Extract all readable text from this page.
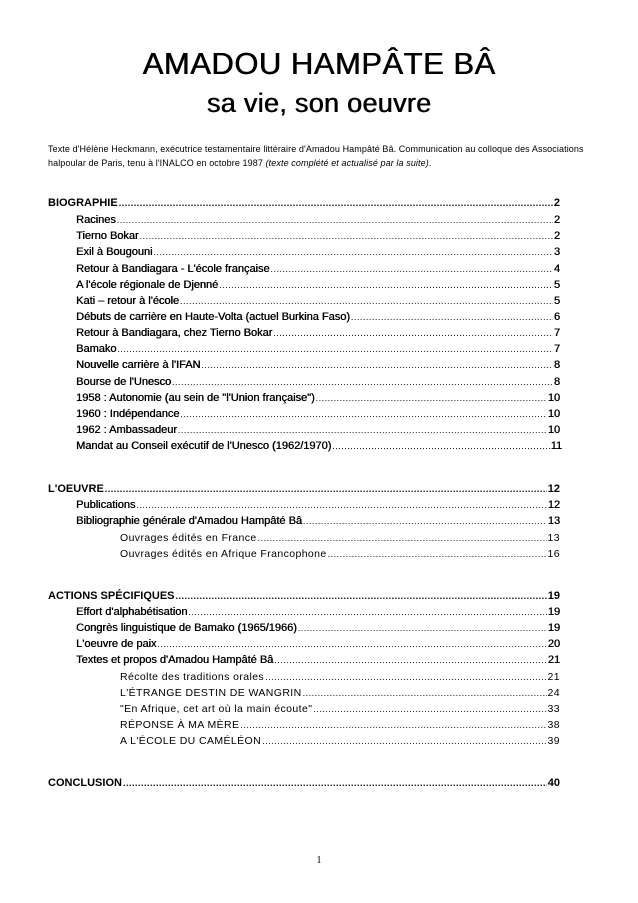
AMADOU HAMPÂTE BÂ
sa vie, son oeuvre
Texte d'Hélène Heckmann, exécutrice testamentaire littéraire d'Amadou Hampâté Bâ. Communication au colloque des Associations halpoular de Paris, tenu à l'INALCO en octobre 1987 (texte complété et actualisé par la suite).
BIOGRAPHIE .....	2
Racines .....	2
Tierno Bokar .....	2
Exil à Bougouni .....	3
Retour à Bandiagara - L'école française .....	4
A l'école régionale de Djenné .....	5
Kati – retour à l'école .....	5
Débuts de carrière en Haute-Volta (actuel Burkina Faso) .....	6
Retour à Bandiagara, chez Tierno Bokar .....	7
Bamako .....	7
Nouvelle carrière à l'IFAN .....	8
Bourse de l'Unesco .....	8
1958 : Autonomie (au sein de "l'Union française") .....	10
1960 : Indépendance .....	10
1962 : Ambassadeur .....	10
Mandat au Conseil exécutif de l'Unesco (1962/1970) .....	11
L'OEUVRE .....	12
Publications .....	12
Bibliographie générale d'Amadou Hampâté Bâ .....	13
Ouvrages édités en France .....	13
Ouvrages édités en Afrique Francophone .....	16
ACTIONS SPÉCIFIQUES .....	19
Effort d'alphabétisation .....	19
Congrès linguistique de Bamako (1965/1966) .....	19
L'oeuvre de paix .....	20
Textes et propos d'Amadou Hampâté Bâ .....	21
Récolte des traditions orales .....	21
L'ÉTRANGE DESTIN DE WANGRIN .....	24
"En Afrique, cet art où la main écoute" .....	33
RÉPONSE À MA MÈRE .....	38
A L'ÉCOLE DU CAMÉLÉON .....	39
CONCLUSION .....	40
1
